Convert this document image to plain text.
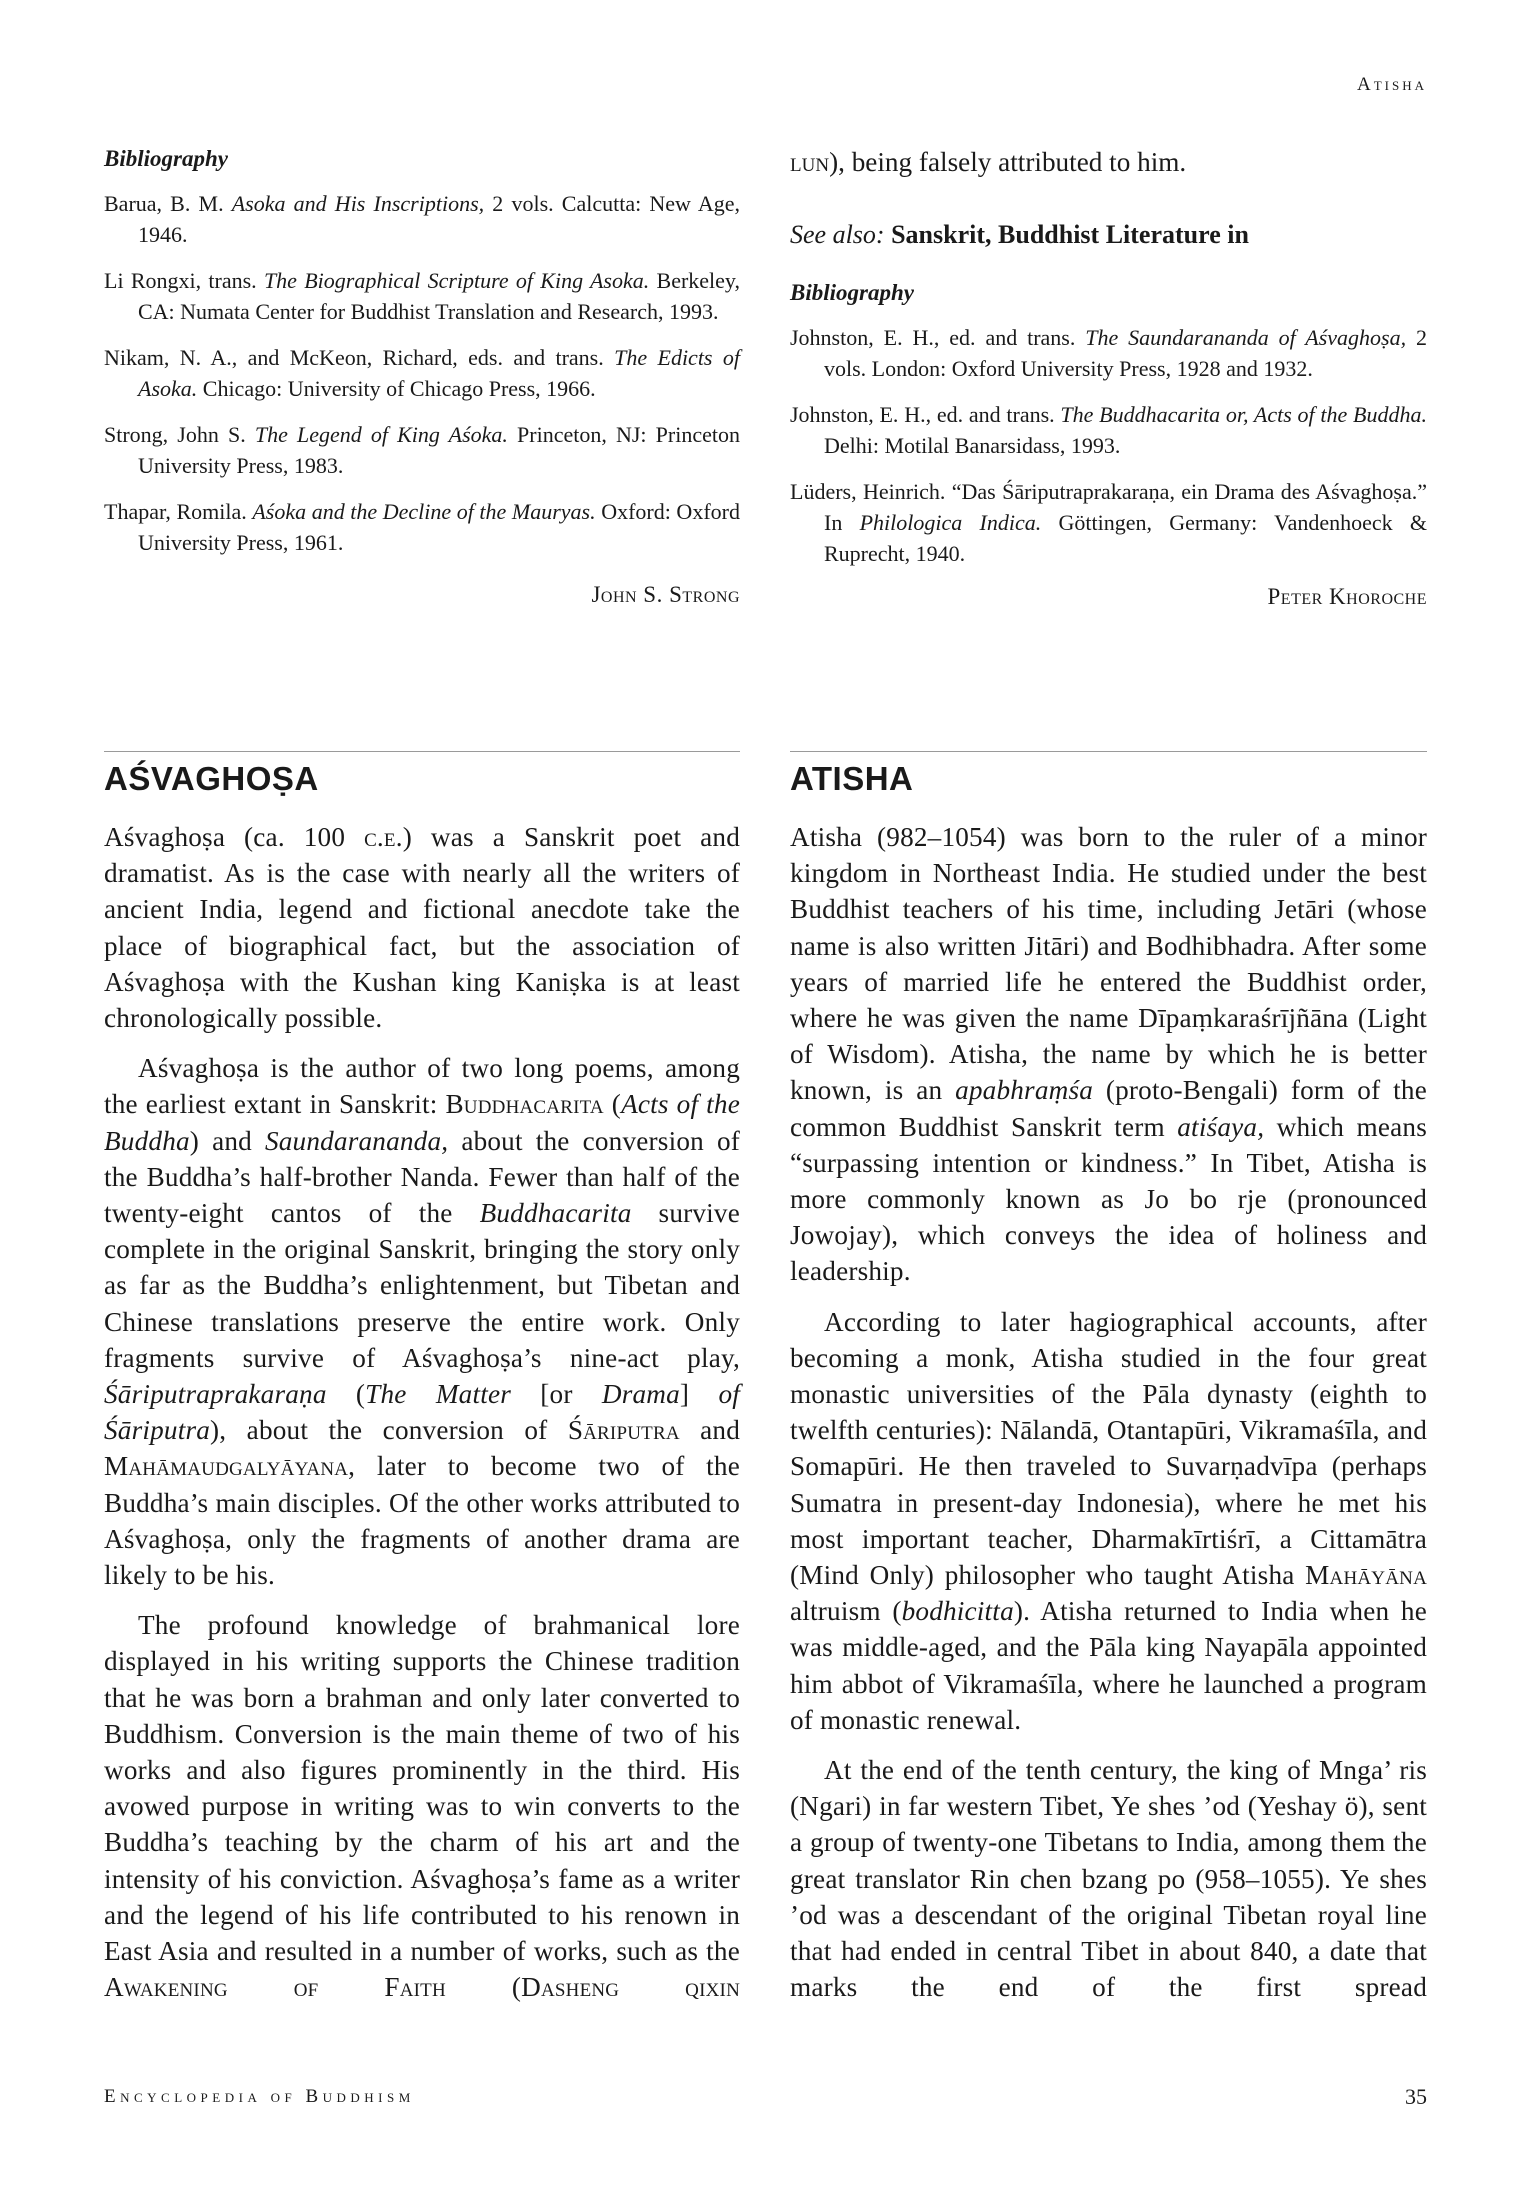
Atisha
Bibliography

Barua, B. M. Asoka and His Inscriptions, 2 vols. Calcutta: New Age, 1946.

Li Rongxi, trans. The Biographical Scripture of King Asoka. Berkeley, CA: Numata Center for Buddhist Translation and Research, 1993.

Nikam, N. A., and McKeon, Richard, eds. and trans. The Edicts of Asoka. Chicago: University of Chicago Press, 1966.

Strong, John S. The Legend of King Aśoka. Princeton, NJ: Princeton University Press, 1983.

Thapar, Romila. Aśoka and the Decline of the Mauryas. Oxford: Oxford University Press, 1961.

John S. Strong
lun), being falsely attributed to him.
See also: Sanskrit, Buddhist Literature in
Bibliography

Johnston, E. H., ed. and trans. The Saundarananda of Aśvaghoṣa, 2 vols. London: Oxford University Press, 1928 and 1932.

Johnston, E. H., ed. and trans. The Buddhacarita or, Acts of the Buddha. Delhi: Motilal Banarsidass, 1993.

Lüders, Heinrich. “Das Śāriputraprakaraṇa, ein Drama des Aśvaghoṣa.” In Philologica Indica. Göttingen, Germany: Vandenhoeck & Ruprecht, 1940.

Peter Khoroche
AŚVAGHOṢA

Aśvaghoṣa (ca. 100 c.e.) was a Sanskrit poet and dramatist. As is the case with nearly all the writers of ancient India, legend and fictional anecdote take the place of biographical fact, but the association of Aśvaghoṣa with the Kushan king Kaniṣka is at least chronologically possible.

Aśvaghoṣa is the author of two long poems, among the earliest extant in Sanskrit: Buddhacarita (Acts of the Buddha) and Saundarananda, about the conversion of the Buddha’s half-brother Nanda. Fewer than half of the twenty-eight cantos of the Buddhacarita survive complete in the original Sanskrit, bringing the story only as far as the Buddha’s enlightenment, but Tibetan and Chinese translations preserve the entire work. Only fragments survive of Aśvaghoṣa’s nine-act play, Śāriputraprakaraṇa (The Matter [or Drama] of Śāriputra), about the conversion of Śāriputra and Mahāmaudgalyāyana, later to become two of the Buddha’s main disciples. Of the other works attributed to Aśvaghoṣa, only the fragments of another drama are likely to be his.

The profound knowledge of brahmanical lore displayed in his writing supports the Chinese tradition that he was born a brahman and only later converted to Buddhism. Conversion is the main theme of two of his works and also figures prominently in the third. His avowed purpose in writing was to win converts to the Buddha’s teaching by the charm of his art and the intensity of his conviction. Aśvaghoṣa’s fame as a writer and the legend of his life contributed to his renown in East Asia and resulted in a number of works, such as the Awakening of Faith (Dasheng qixin

ATISHA

Atisha (982–1054) was born to the ruler of a minor kingdom in Northeast India. He studied under the best Buddhist teachers of his time, including Jetāri (whose name is also written Jitāri) and Bodhibhadra. After some years of married life he entered the Buddhist order, where he was given the name Dīpaṃkaraśrījñāna (Light of Wisdom). Atisha, the name by which he is better known, is an apabhraṃśa (proto-Bengali) form of the common Buddhist Sanskrit term atiśaya, which means “surpassing intention or kindness.” In Tibet, Atisha is more commonly known as Jo bo rje (pronounced Jowojay), which conveys the idea of holiness and leadership.

According to later hagiographical accounts, after becoming a monk, Atisha studied in the four great monastic universities of the Pāla dynasty (eighth to twelfth centuries): Nālandā, Otantapūri, Vikramaśīla, and Somapūri. He then traveled to Suvarṇadvīpa (perhaps Sumatra in present-day Indonesia), where he met his most important teacher, Dharmakīrtiśrī, a Cittamātra (Mind Only) philosopher who taught Atisha Mahāyāna altruism (bodhicitta). Atisha returned to India when he was middle-aged, and the Pāla king Nayapāla appointed him abbot of Vikramaśīla, where he launched a program of monastic renewal.

At the end of the tenth century, the king of Mnga’ ris (Ngari) in far western Tibet, Ye shes ’od (Yeshay ö), sent a group of twenty-one Tibetans to India, among them the great translator Rin chen bzang po (958–1055). Ye shes ’od was a descendant of the original Tibetan royal line that had ended in central Tibet in about 840, a date that marks the end of the first spread

Encyclopedia of Buddhism	35
